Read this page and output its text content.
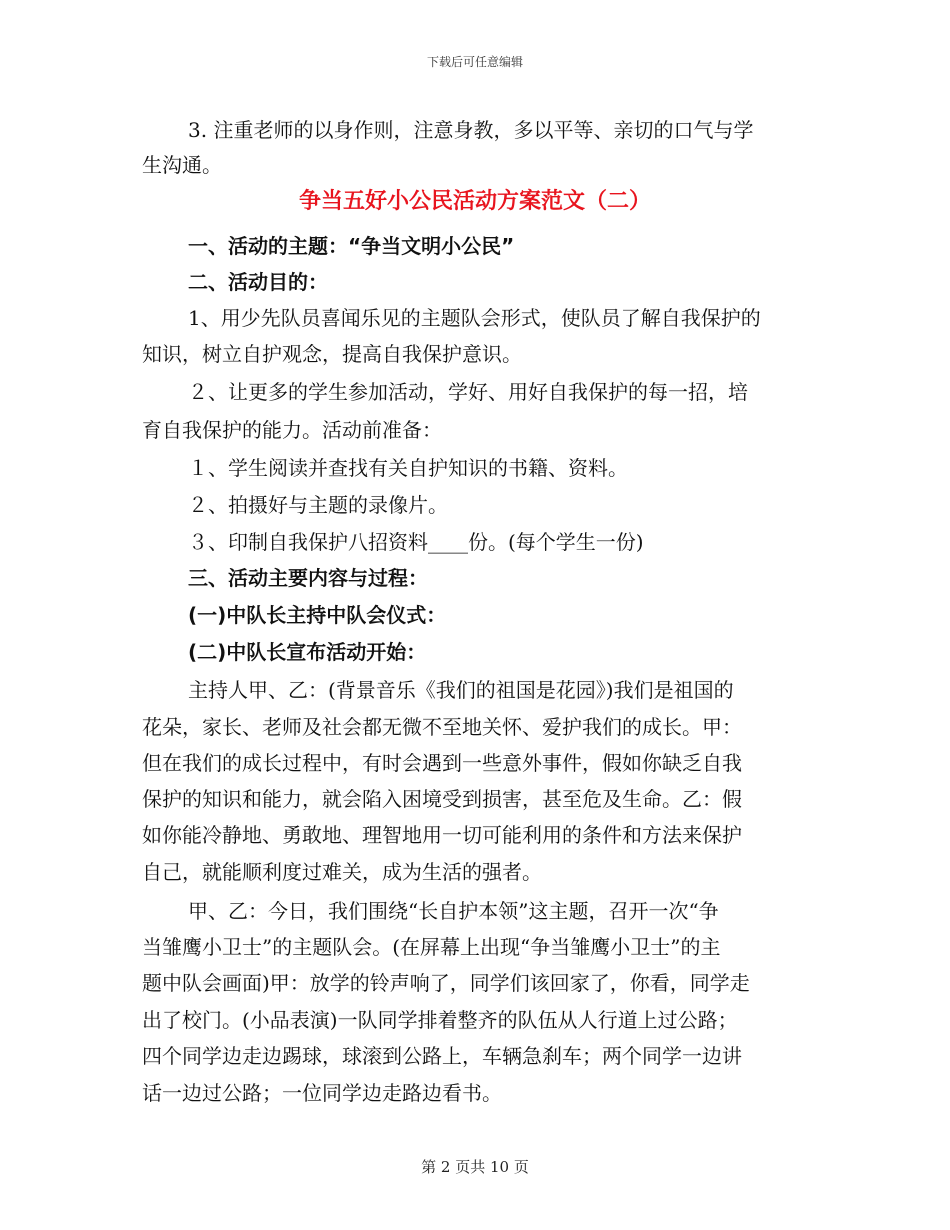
下载后可任意编辑
3. 注重老师的以身作则，注意身教，多以平等、亲切的口气与学
生沟通。
争当五好小公民活动方案范文（二）
一、活动的主题：“争当文明小公民”
二、活动目的：
1、用少先队员喜闻乐见的主题队会形式，使队员了解自我保护的
知识，树立自护观念，提高自我保护意识。
２、让更多的学生参加活动，学好、用好自我保护的每一招，培
育自我保护的能力。活动前准备：
１、学生阅读并查找有关自护知识的书籍、资料。
２、拍摄好与主题的录像片。
３、印制自我保护八招资料____份。(每个学生一份)
三、活动主要内容与过程：
(一)中队长主持中队会仪式：
(二)中队长宣布活动开始：
主持人甲、乙：(背景音乐《我们的祖国是花园》)我们是祖国的
花朵，家长、老师及社会都无微不至地关怀、爱护我们的成长。甲：
但在我们的成长过程中，有时会遇到一些意外事件，假如你缺乏自我
保护的知识和能力，就会陷入困境受到损害，甚至危及生命。乙：假
如你能冷静地、勇敢地、理智地用一切可能利用的条件和方法来保护
自己，就能顺利度过难关，成为生活的强者。
甲、乙：今日，我们围绕“长自护本领”这主题，召开一次“争
当雏鹰小卫士”的主题队会。(在屏幕上出现“争当雏鹰小卫士”的主
题中队会画面)甲：放学的铃声响了，同学们该回家了，你看，同学走
出了校门。(小品表演)一队同学排着整齐的队伍从人行道上过公路；
四个同学边走边踢球，球滚到公路上，车辆急刹车；两个同学一边讲
话一边过公路；一位同学边走路边看书。
第 2 页共 10 页
